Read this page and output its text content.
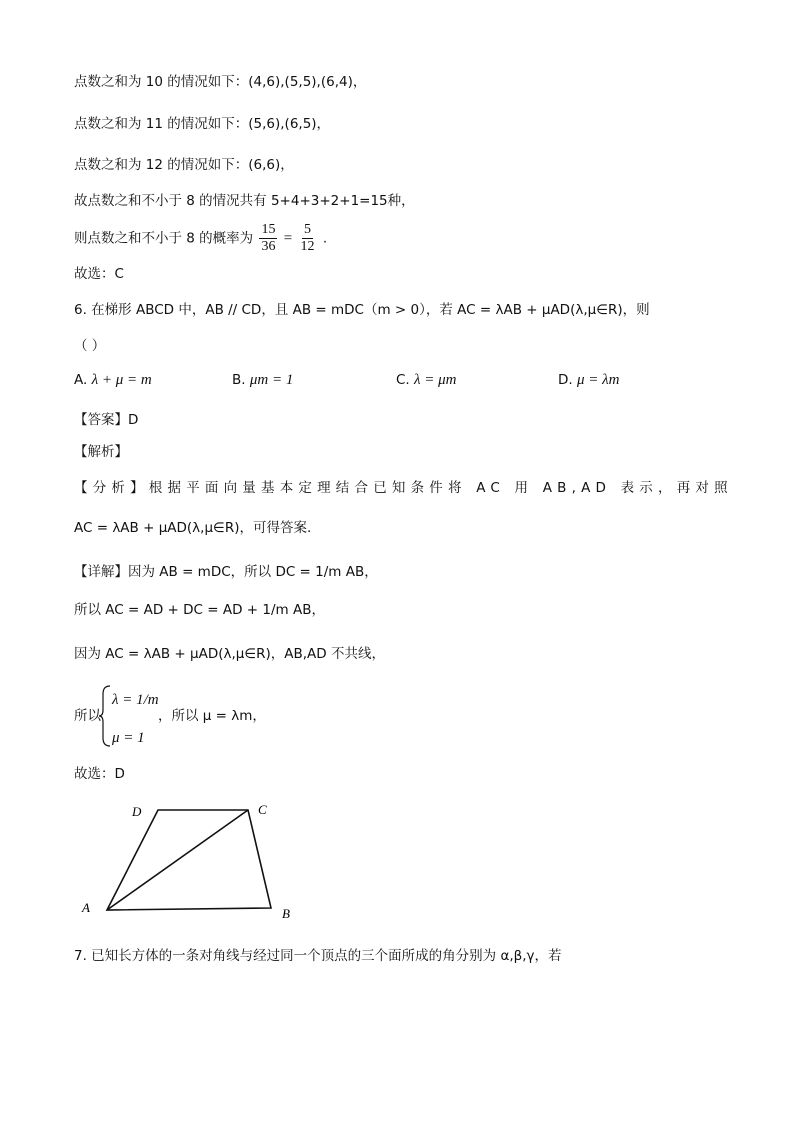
点数之和为 10 的情况如下：(4,6),(5,5),(6,4)，
点数之和为 11 的情况如下：(5,6),(6,5)，
点数之和为 12 的情况如下：(6,6)，
故点数之和不小于 8 的情况共有 5+4+3+2+1=15种，
则点数之和不小于 8 的概率为 $\frac{15}{36} = \frac{5}{12}$ .
故选：C
6. 在梯形 ABCD 中，AB // CD，且 AB = mDC（m > 0），若 AC = λAB + μAD(λ,μ∈R)，则
（ ）
A. λ + μ = m	B. μm = 1	C. λ = μm	D. μ = λm
【答案】D
【解析】
【分析】根据平面向量基本定理结合已知条件将 AC 用 AB,AD 表示，再对照
AC = λAB + μAD(λ,μ∈R)，可得答案.
【详解】因为 AB = mDC，所以 DC = 1/m AB，
所以 AC = AD + DC = AD + 1/m AB，
因为 AC = λAB + μAD(λ,μ∈R)，AB,AD 不共线，
所以
λ = 1/m
μ = 1
，所以 μ = λm，
故选：D
D	C
A	B
7. 已知长方体的一条对角线与经过同一个顶点的三个面所成的角分别为 α,β,γ，若
